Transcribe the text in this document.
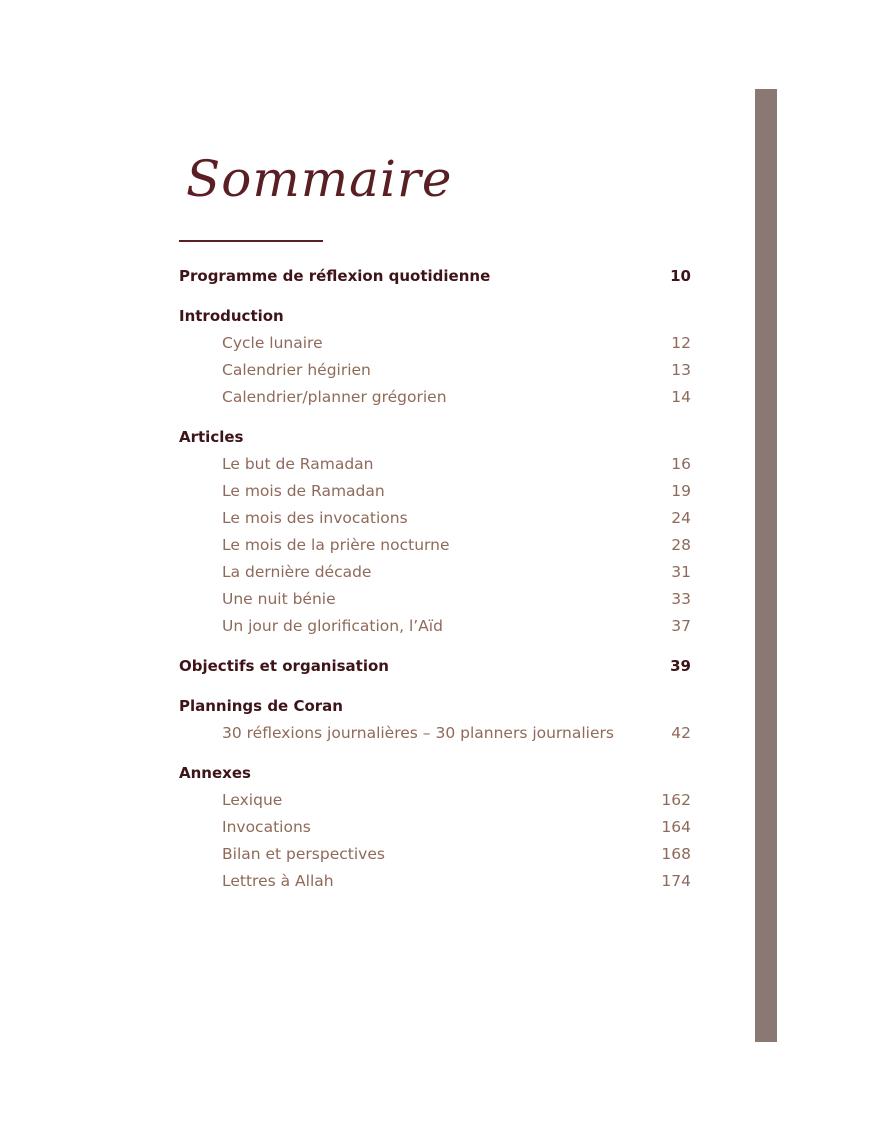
Sommaire
Programme de réflexion quotidienne	10
Introduction
Cycle lunaire	12
Calendrier hégirien	13
Calendrier/planner grégorien	14
Articles
Le but de Ramadan	16
Le mois de Ramadan	19
Le mois des invocations	24
Le mois de la prière nocturne	28
La dernière décade	31
Une nuit bénie	33
Un jour de glorification, l’Aïd	37
Objectifs et organisation	39
Plannings de Coran
30 réflexions journalières – 30 planners journaliers	42
Annexes
Lexique	162
Invocations	164
Bilan et perspectives	168
Lettres à Allah	174
